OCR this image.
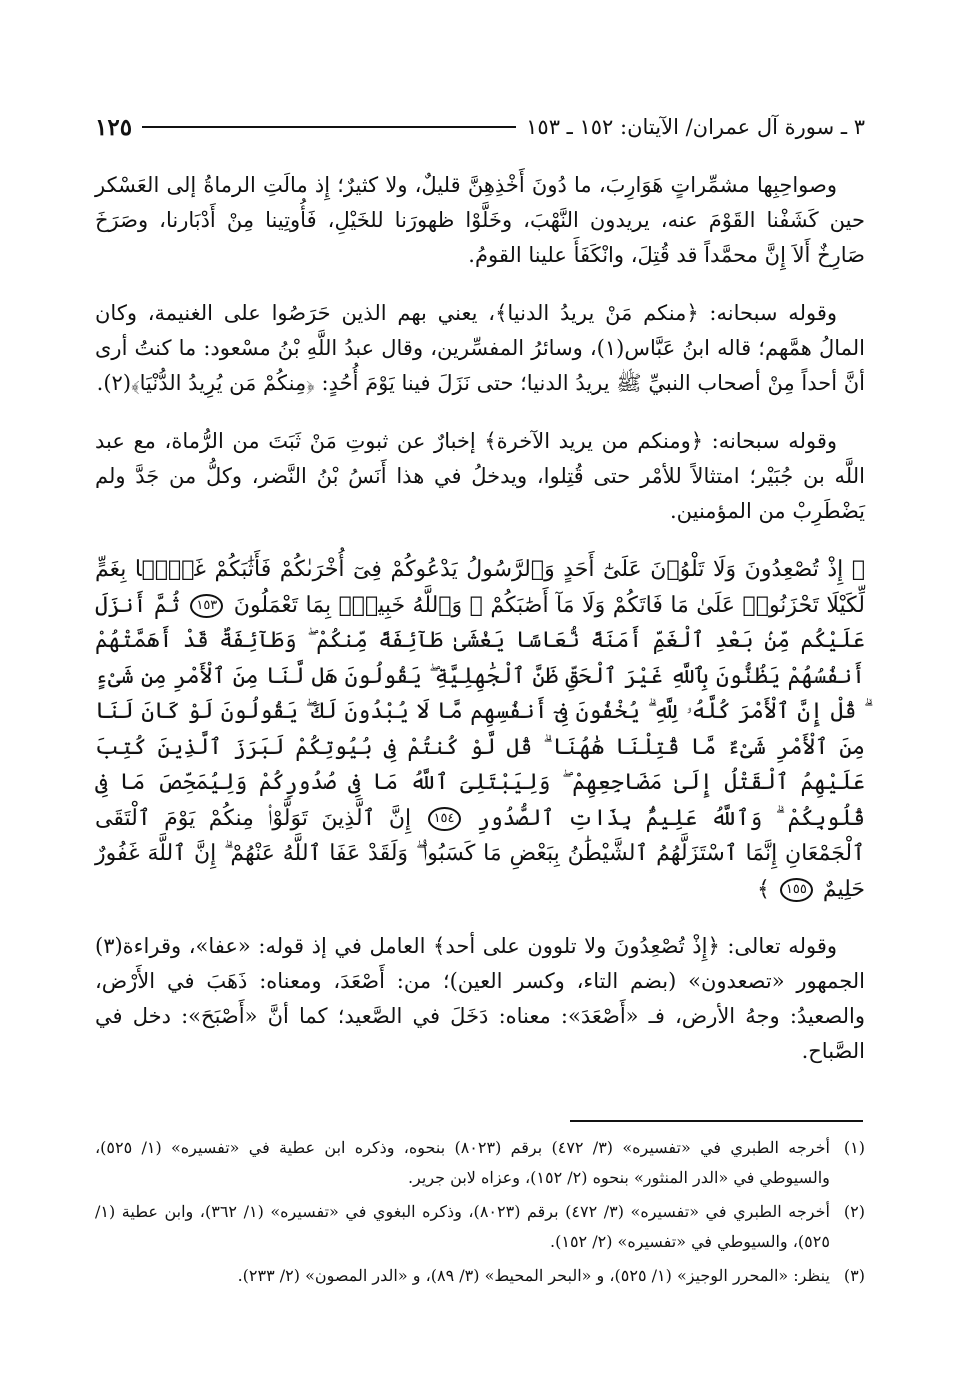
٣ ـ سورة آل عمران/ الآيتان: ١٥٢ ـ ١٥٣
١٢٥

وصواحِبِها مشمِّراتٍ هَوَارِبَ، ما دُونَ أَخْذِهِنَّ قليلٌ، ولا كثيرٌ؛ إِذ مالَتِ الرماةُ إلى العَسْكر حين كَشَفْنا القَوْمَ عنه، يريدون النَّهْبَ، وخَلَّوْا ظهورَنا للخَيْلِ، فَأُوتِينا مِنْ أَدْبَارنا، وصَرَخَ صَارِخٌ أَلاَ إِنَّ محمَّداً قد قُتِلَ، وانْكَفَأَ علينا القومُ.

وقوله سبحانه: ﴿منكم مَنْ يريدُ الدنيا﴾، يعني بهم الذين حَرَصُوا على الغنيمة، وكان المالُ همَّهم؛ قاله ابنُ عَبَّاس(١)، وسائرُ المفسِّرين، وقال عبدُ اللَّهِ بْنُ مسْعود: ما كنتُ أرى أنَّ أحداً مِنْ أصحاب النبيِّ ﷺ يريدُ الدنيا؛ حتى نَزَلَ فينا يَوْمَ أُحُدٍ: ﴿مِنكُمْ مَن يُرِيدُ الدُّنْيَا﴾(٢).

وقوله سبحانه: ﴿ومنكم من يريد الآخرة﴾ إخبارٌ عن ثبوتِ مَنْ ثَبَتَ من الرُّماة، مع عبد اللَّه بن جُبَيْر؛ امتثالاً للأمْر حتى قُتِلوا، ويدخلُ في هذا أَنَسُ بْنُ النَّضر، وكلُّ من جَدَّ ولم يَضْطَرِبْ من المؤمنين.

﴿ إِذْ تُصْعِدُونَ وَلَا تَلْوُۥنَ عَلَىٰٓ أَحَدٍ وَٱلرَّسُولُ يَدْعُوكُمْ فِىٓ أُخْرَىٰكُمْ فَأَثَٰبَكُمْ غَمًّۢا بِغَمٍّ لِّكَيْلَا تَحْزَنُوا۟ عَلَىٰ مَا فَاتَكُمْ وَلَا مَآ أَصَٰبَكُمْ ۗ وَٱللَّهُ خَبِيرٌۢ بِمَا تَعْمَلُونَ ١٥٣ ثُمَّ أَنزَلَ عَلَيْكُم مِّنۢ بَعْدِ ٱلْغَمِّ أَمَنَةً نُّعَاسًا يَغْشَىٰ طَآئِفَةً مِّنكُمْ ۖ وَطَآئِفَةٌ قَدْ أَهَمَّتْهُمْ أَنفُسُهُمْ يَظُنُّونَ بِٱللَّهِ غَيْرَ ٱلْحَقِّ ظَنَّ ٱلْجَٰهِلِيَّةِ ۖ يَقُولُونَ هَل لَّنَا مِنَ ٱلْأَمْرِ مِن شَىْءٍ ۗ قُلْ إِنَّ ٱلْأَمْرَ كُلَّهُۥ لِلَّهِ ۗ يُخْفُونَ فِىٓ أَنفُسِهِم مَّا لَا يُبْدُونَ لَكَ ۖ يَقُولُونَ لَوْ كَانَ لَنَا مِنَ ٱلْأَمْرِ شَىْءٌ مَّا قُتِلْنَا هَٰهُنَا ۗ قُل لَّوْ كُنتُمْ فِى بُيُوتِكُمْ لَبَرَزَ ٱلَّذِينَ كُتِبَ عَلَيْهِمُ ٱلْقَتْلُ إِلَىٰ مَضَاجِعِهِمْ ۖ وَلِيَبْتَلِىَ ٱللَّهُ مَا فِى صُدُورِكُمْ وَلِيُمَحِّصَ مَا فِى قُلُوبِكُمْ ۗ وَٱللَّهُ عَلِيمٌۢ بِذَاتِ ٱلصُّدُورِ ١٥٤ إِنَّ ٱلَّذِينَ تَوَلَّوْا۟ مِنكُمْ يَوْمَ ٱلْتَقَى ٱلْجَمْعَانِ إِنَّمَا ٱسْتَزَلَّهُمُ ٱلشَّيْطَٰنُ بِبَعْضِ مَا كَسَبُوا۟ ۖ وَلَقَدْ عَفَا ٱللَّهُ عَنْهُمْ ۗ إِنَّ ٱللَّهَ غَفُورٌ حَلِيمٌ ١٥٥ ﴾

وقوله تعالى: ﴿إِذْ تُصْعِدُونَ ولا تلوون على أحد﴾ العامل في إذ قوله: «عفا»، وقراءة(٣) الجمهور «تصعدون» (بضم التاء، وكسر العين)؛ من: أَصْعَدَ، ومعناه: ذَهَبَ في الأَرْض، والصعيدُ: وجهُ الأرض، فـ «أَصْعَدَ»: معناه: دَخَلَ في الصَّعيد؛ كما أنَّ «أَصْبَحَ»: دخل في الصَّباح.

(١)
أخرجه الطبري في «تفسيره» (٣/ ٤٧٢) برقم (٨٠٢٣) بنحوه، وذكره ابن عطية في «تفسيره» (١/ ٥٢٥)، والسيوطي في «الدر المنثور» بنحوه (٢/ ١٥٢)، وعزاه لابن جرير.
(٢)
أخرجه الطبري في «تفسيره» (٣/ ٤٧٢) برقم (٨٠٢٣)، وذكره البغوي في «تفسيره» (١/ ٣٦٢)، وابن عطية (١/ ٥٢٥)، والسيوطي في «تفسيره» (٢/ ١٥٢).
(٣)
ينظر: «المحرر الوجيز» (١/ ٥٢٥)، و «البحر المحيط» (٣/ ٨٩)، و «الدر المصون» (٢/ ٢٣٣).
